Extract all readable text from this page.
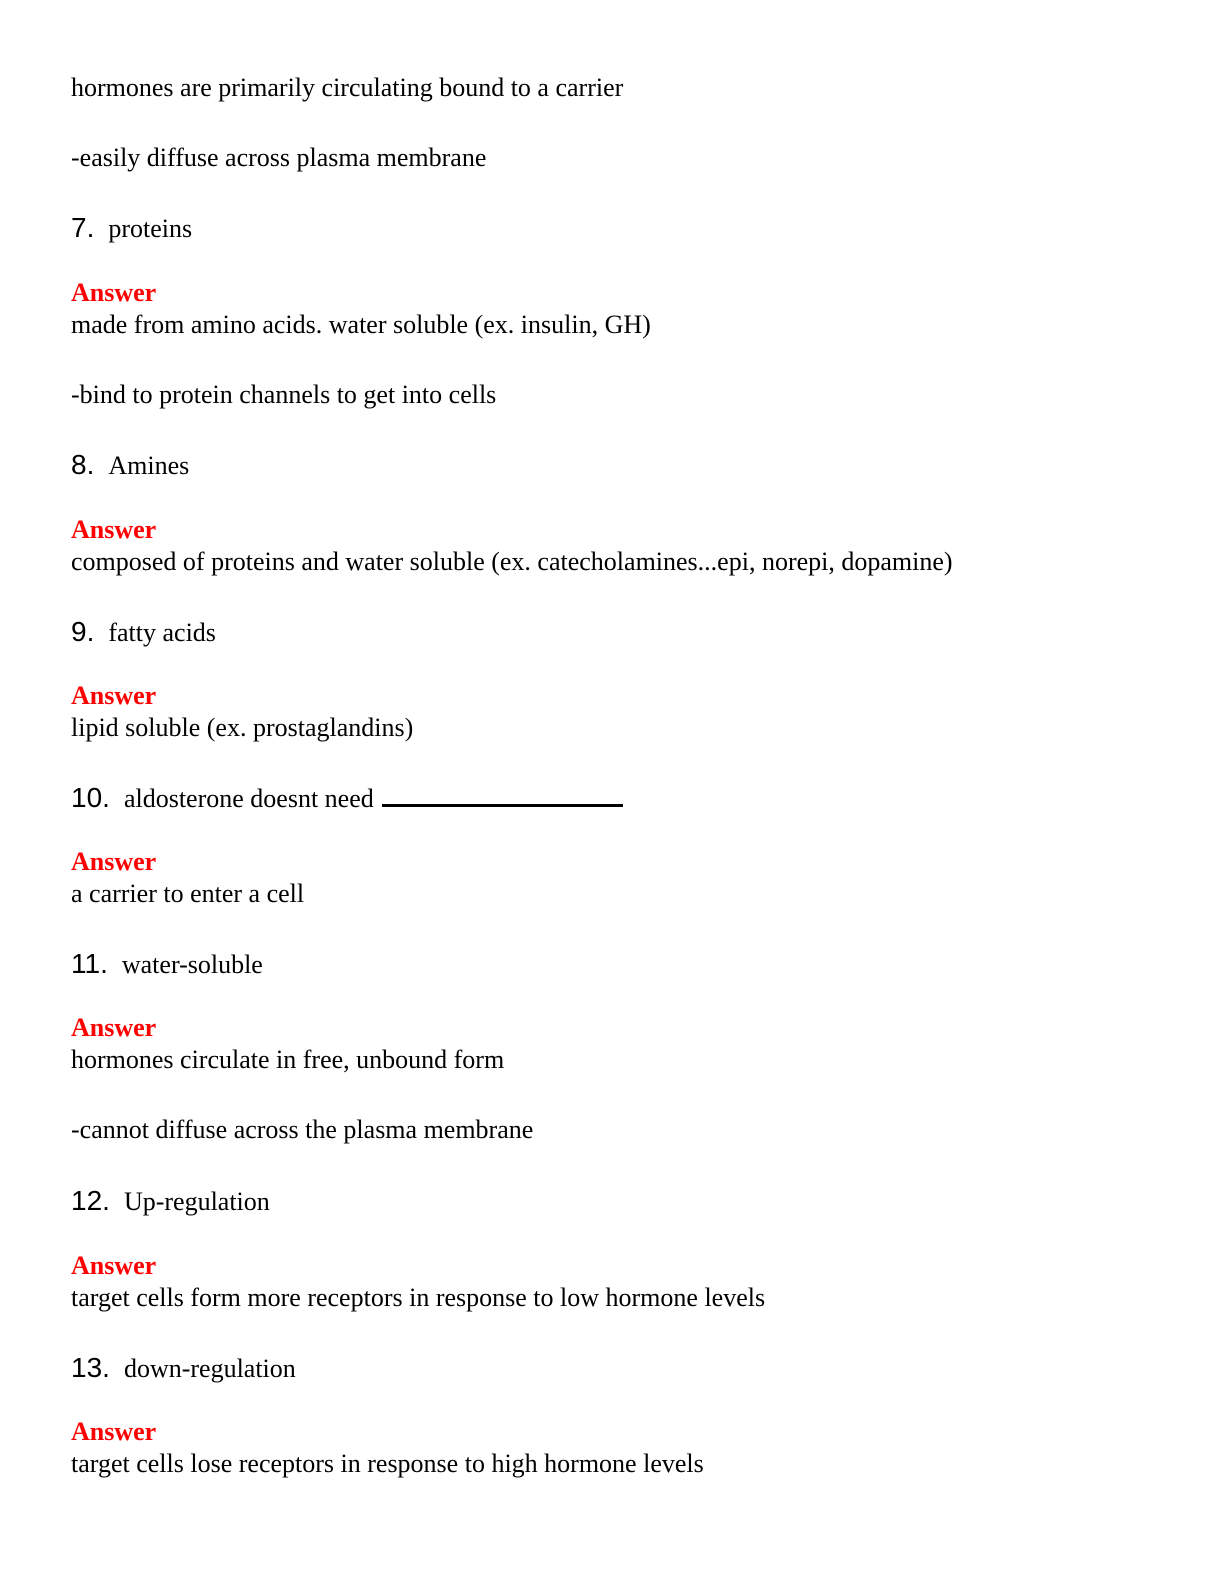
hormones are primarily circulating bound to a carrier

-easily diffuse across plasma membrane

7. proteins

Answer

made from amino acids. water soluble (ex. insulin, GH)

-bind to protein channels to get into cells

8. Amines

Answer

composed of proteins and water soluble (ex. catecholamines...epi, norepi, dopamine)

9. fatty acids

Answer

lipid soluble (ex. prostaglandins)

10. aldosterone doesnt need

Answer

a carrier to enter a cell

11. water-soluble

Answer

hormones circulate in free, unbound form

-cannot diffuse across the plasma membrane

12. Up-regulation

Answer

target cells form more receptors in response to low hormone levels

13. down-regulation

Answer

target cells lose receptors in response to high hormone levels
